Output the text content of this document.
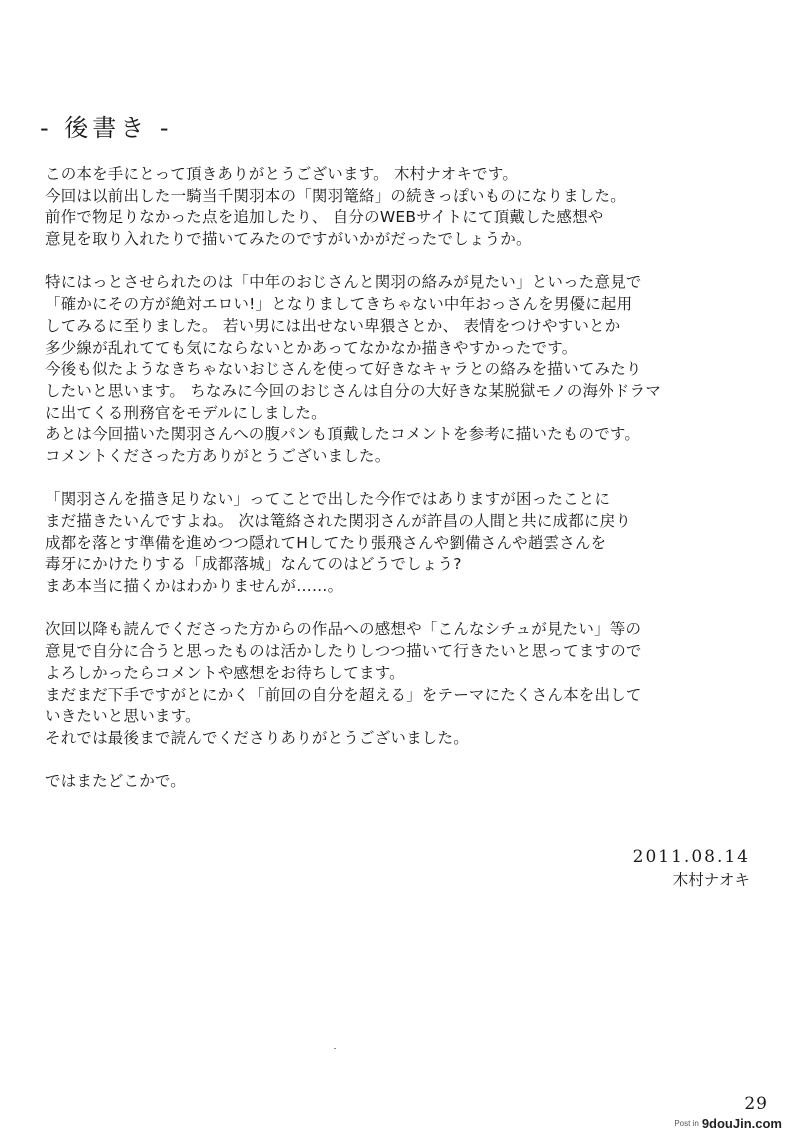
- 後書き -
この本を手にとって頂きありがとうございます。 木村ナオキです。
今回は以前出した一騎当千関羽本の「関羽篭絡」の続きっぽいものになりました。
前作で物足りなかった点を追加したり、 自分のWEBサイトにて頂戴した感想や
意見を取り入れたりで描いてみたのですがいかがだったでしょうか。
特にはっとさせられたのは「中年のおじさんと関羽の絡みが見たい」といった意見で
「確かにその方が絶対エロい!」となりましてきちゃない中年おっさんを男優に起用
してみるに至りました。 若い男には出せない卑猥さとか、 表情をつけやすいとか
多少線が乱れてても気にならないとかあってなかなか描きやすかったです。
今後も似たようなきちゃないおじさんを使って好きなキャラとの絡みを描いてみたり
したいと思います。 ちなみに今回のおじさんは自分の大好きな某脱獄モノの海外ドラマ
に出てくる刑務官をモデルにしました。
あとは今回描いた関羽さんへの腹パンも頂戴したコメントを参考に描いたものです。
コメントくださった方ありがとうございました。
「関羽さんを描き足りない」ってことで出した今作ではありますが困ったことに
まだ描きたいんですよね。 次は篭絡された関羽さんが許昌の人間と共に成都に戻り
成都を落とす準備を進めつつ隠れてHしてたり張飛さんや劉備さんや趙雲さんを
毒牙にかけたりする「成都落城」なんてのはどうでしょう?
まあ本当に描くかはわかりませんが……。
次回以降も読んでくださった方からの作品への感想や「こんなシチュが見たい」等の
意見で自分に合うと思ったものは活かしたりしつつ描いて行きたいと思ってますので
よろしかったらコメントや感想をお待ちしてます。
まだまだ下手ですがとにかく「前回の自分を超える」をテーマにたくさん本を出して
いきたいと思います。
それでは最後まで読んでくださりありがとうございました。
ではまたどこかで。
2011.08.14
木村ナオキ
29
Post in 9douJin.com
